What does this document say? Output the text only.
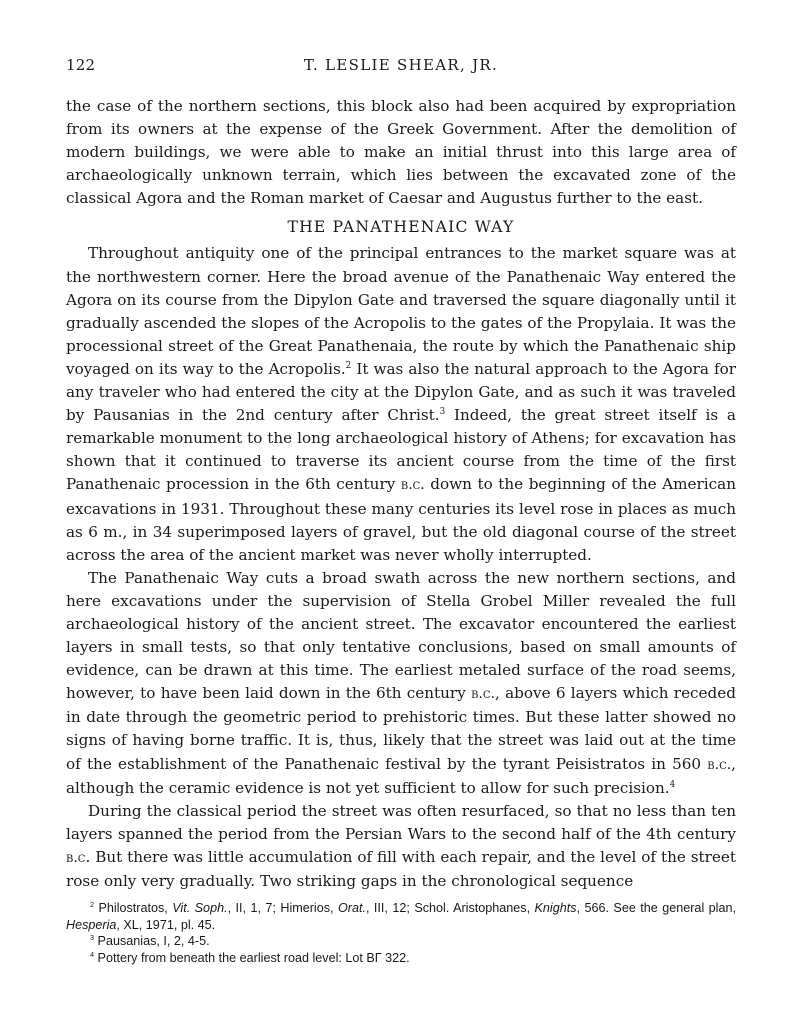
122	T. LESLIE SHEAR, JR.

the case of the northern sections, this block also had been acquired by expropriation from its owners at the expense of the Greek Government. After the demolition of modern buildings, we were able to make an initial thrust into this large area of archaeologically unknown terrain, which lies between the excavated zone of the classical Agora and the Roman market of Caesar and Augustus further to the east.

THE PANATHENAIC WAY

Throughout antiquity one of the principal entrances to the market square was at the northwestern corner. Here the broad avenue of the Panathenaic Way entered the Agora on its course from the Dipylon Gate and traversed the square diagonally until it gradually ascended the slopes of the Acropolis to the gates of the Propylaia. It was the processional street of the Great Panathenaia, the route by which the Panathenaic ship voyaged on its way to the Acropolis.$^2$ It was also the natural approach to the Agora for any traveler who had entered the city at the Dipylon Gate, and as such it was traveled by Pausanias in the 2nd century after Christ.$^3$ Indeed, the great street itself is a remarkable monument to the long archaeological history of Athens; for excavation has shown that it continued to traverse its ancient course from the time of the first Panathenaic procession in the 6th century b.c. down to the beginning of the American excavations in 1931. Throughout these many centuries its level rose in places as much as 6 m., in 34 superimposed layers of gravel, but the old diagonal course of the street across the area of the ancient market was never wholly interrupted.

The Panathenaic Way cuts a broad swath across the new northern sections, and here excavations under the supervision of Stella Grobel Miller revealed the full archaeological history of the ancient street. The excavator encountered the earliest layers in small tests, so that only tentative conclusions, based on small amounts of evidence, can be drawn at this time. The earliest metaled surface of the road seems, however, to have been laid down in the 6th century b.c., above 6 layers which receded in date through the geometric period to prehistoric times. But these latter showed no signs of having borne traffic. It is, thus, likely that the street was laid out at the time of the establishment of the Panathenaic festival by the tyrant Peisistratos in 560 b.c., although the ceramic evidence is not yet sufficient to allow for such precision.$^4$

During the classical period the street was often resurfaced, so that no less than ten layers spanned the period from the Persian Wars to the second half of the 4th century b.c. But there was little accumulation of fill with each repair, and the level of the street rose only very gradually. Two striking gaps in the chronological sequence

$^2$ Philostratos, Vit. Soph., II, 1, 7; Himerios, Orat., III, 12; Schol. Aristophanes, Knights, 566. See the general plan, Hesperia, XL, 1971, pl. 45.

$^3$ Pausanias, I, 2, 4-5.

$^4$ Pottery from beneath the earliest road level: Lot ВГ 322.
